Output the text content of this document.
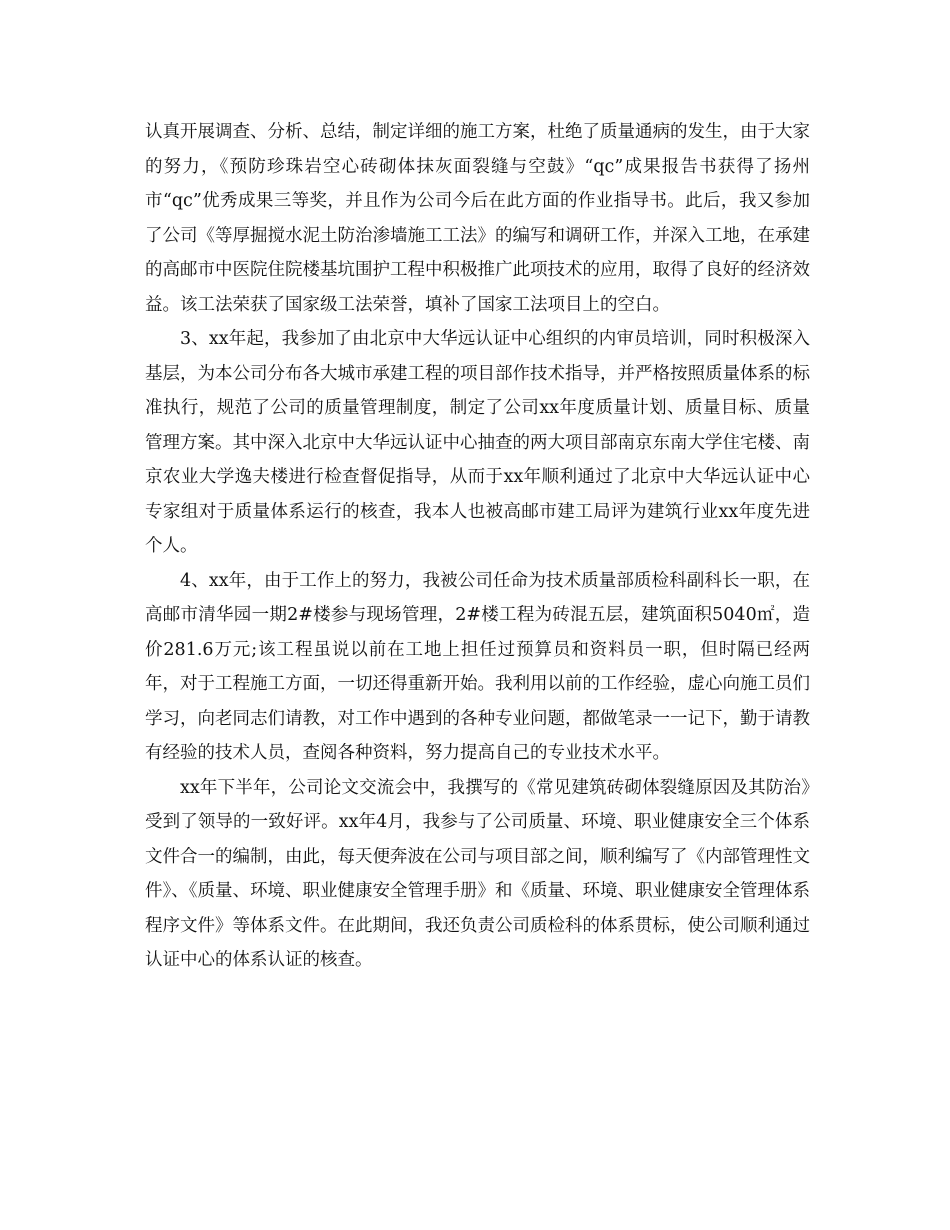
认真开展调查、分析、总结，制定详细的施工方案，杜绝了质量通病的发生，由于大家的努力，《预防珍珠岩空心砖砌体抹灰面裂缝与空鼓》“qc”成果报告书获得了扬州市“qc”优秀成果三等奖，并且作为公司今后在此方面的作业指导书。此后，我又参加了公司《等厚掘搅水泥土防治渗墙施工工法》的编写和调研工作，并深入工地，在承建的高邮市中医院住院楼基坑围护工程中积极推广此项技术的应用，取得了良好的经济效益。该工法荣获了国家级工法荣誉，填补了国家工法项目上的空白。

3、xx年起，我参加了由北京中大华远认证中心组织的内审员培训，同时积极深入基层，为本公司分布各大城市承建工程的项目部作技术指导，并严格按照质量体系的标准执行，规范了公司的质量管理制度，制定了公司xx年度质量计划、质量目标、质量管理方案。其中深入北京中大华远认证中心抽查的两大项目部南京东南大学住宅楼、南京农业大学逸夫楼进行检查督促指导，从而于xx年顺利通过了北京中大华远认证中心专家组对于质量体系运行的核查，我本人也被高邮市建工局评为建筑行业xx年度先进个人。

4、xx年，由于工作上的努力，我被公司任命为技术质量部质检科副科长一职，在高邮市清华园一期2#楼参与现场管理，2#楼工程为砖混五层，建筑面积5040㎡，造价281.6万元;该工程虽说以前在工地上担任过预算员和资料员一职，但时隔已经两年，对于工程施工方面，一切还得重新开始。我利用以前的工作经验，虚心向施工员们学习，向老同志们请教，对工作中遇到的各种专业问题，都做笔录一一记下，勤于请教有经验的技术人员，查阅各种资料，努力提高自己的专业技术水平。

xx年下半年，公司论文交流会中，我撰写的《常见建筑砖砌体裂缝原因及其防治》受到了领导的一致好评。xx年4月，我参与了公司质量、环境、职业健康安全三个体系文件合一的编制，由此，每天便奔波在公司与项目部之间，顺利编写了《内部管理性文件》、《质量、环境、职业健康安全管理手册》和《质量、环境、职业健康安全管理体系程序文件》等体系文件。在此期间，我还负责公司质检科的体系贯标，使公司顺利通过认证中心的体系认证的核查。
